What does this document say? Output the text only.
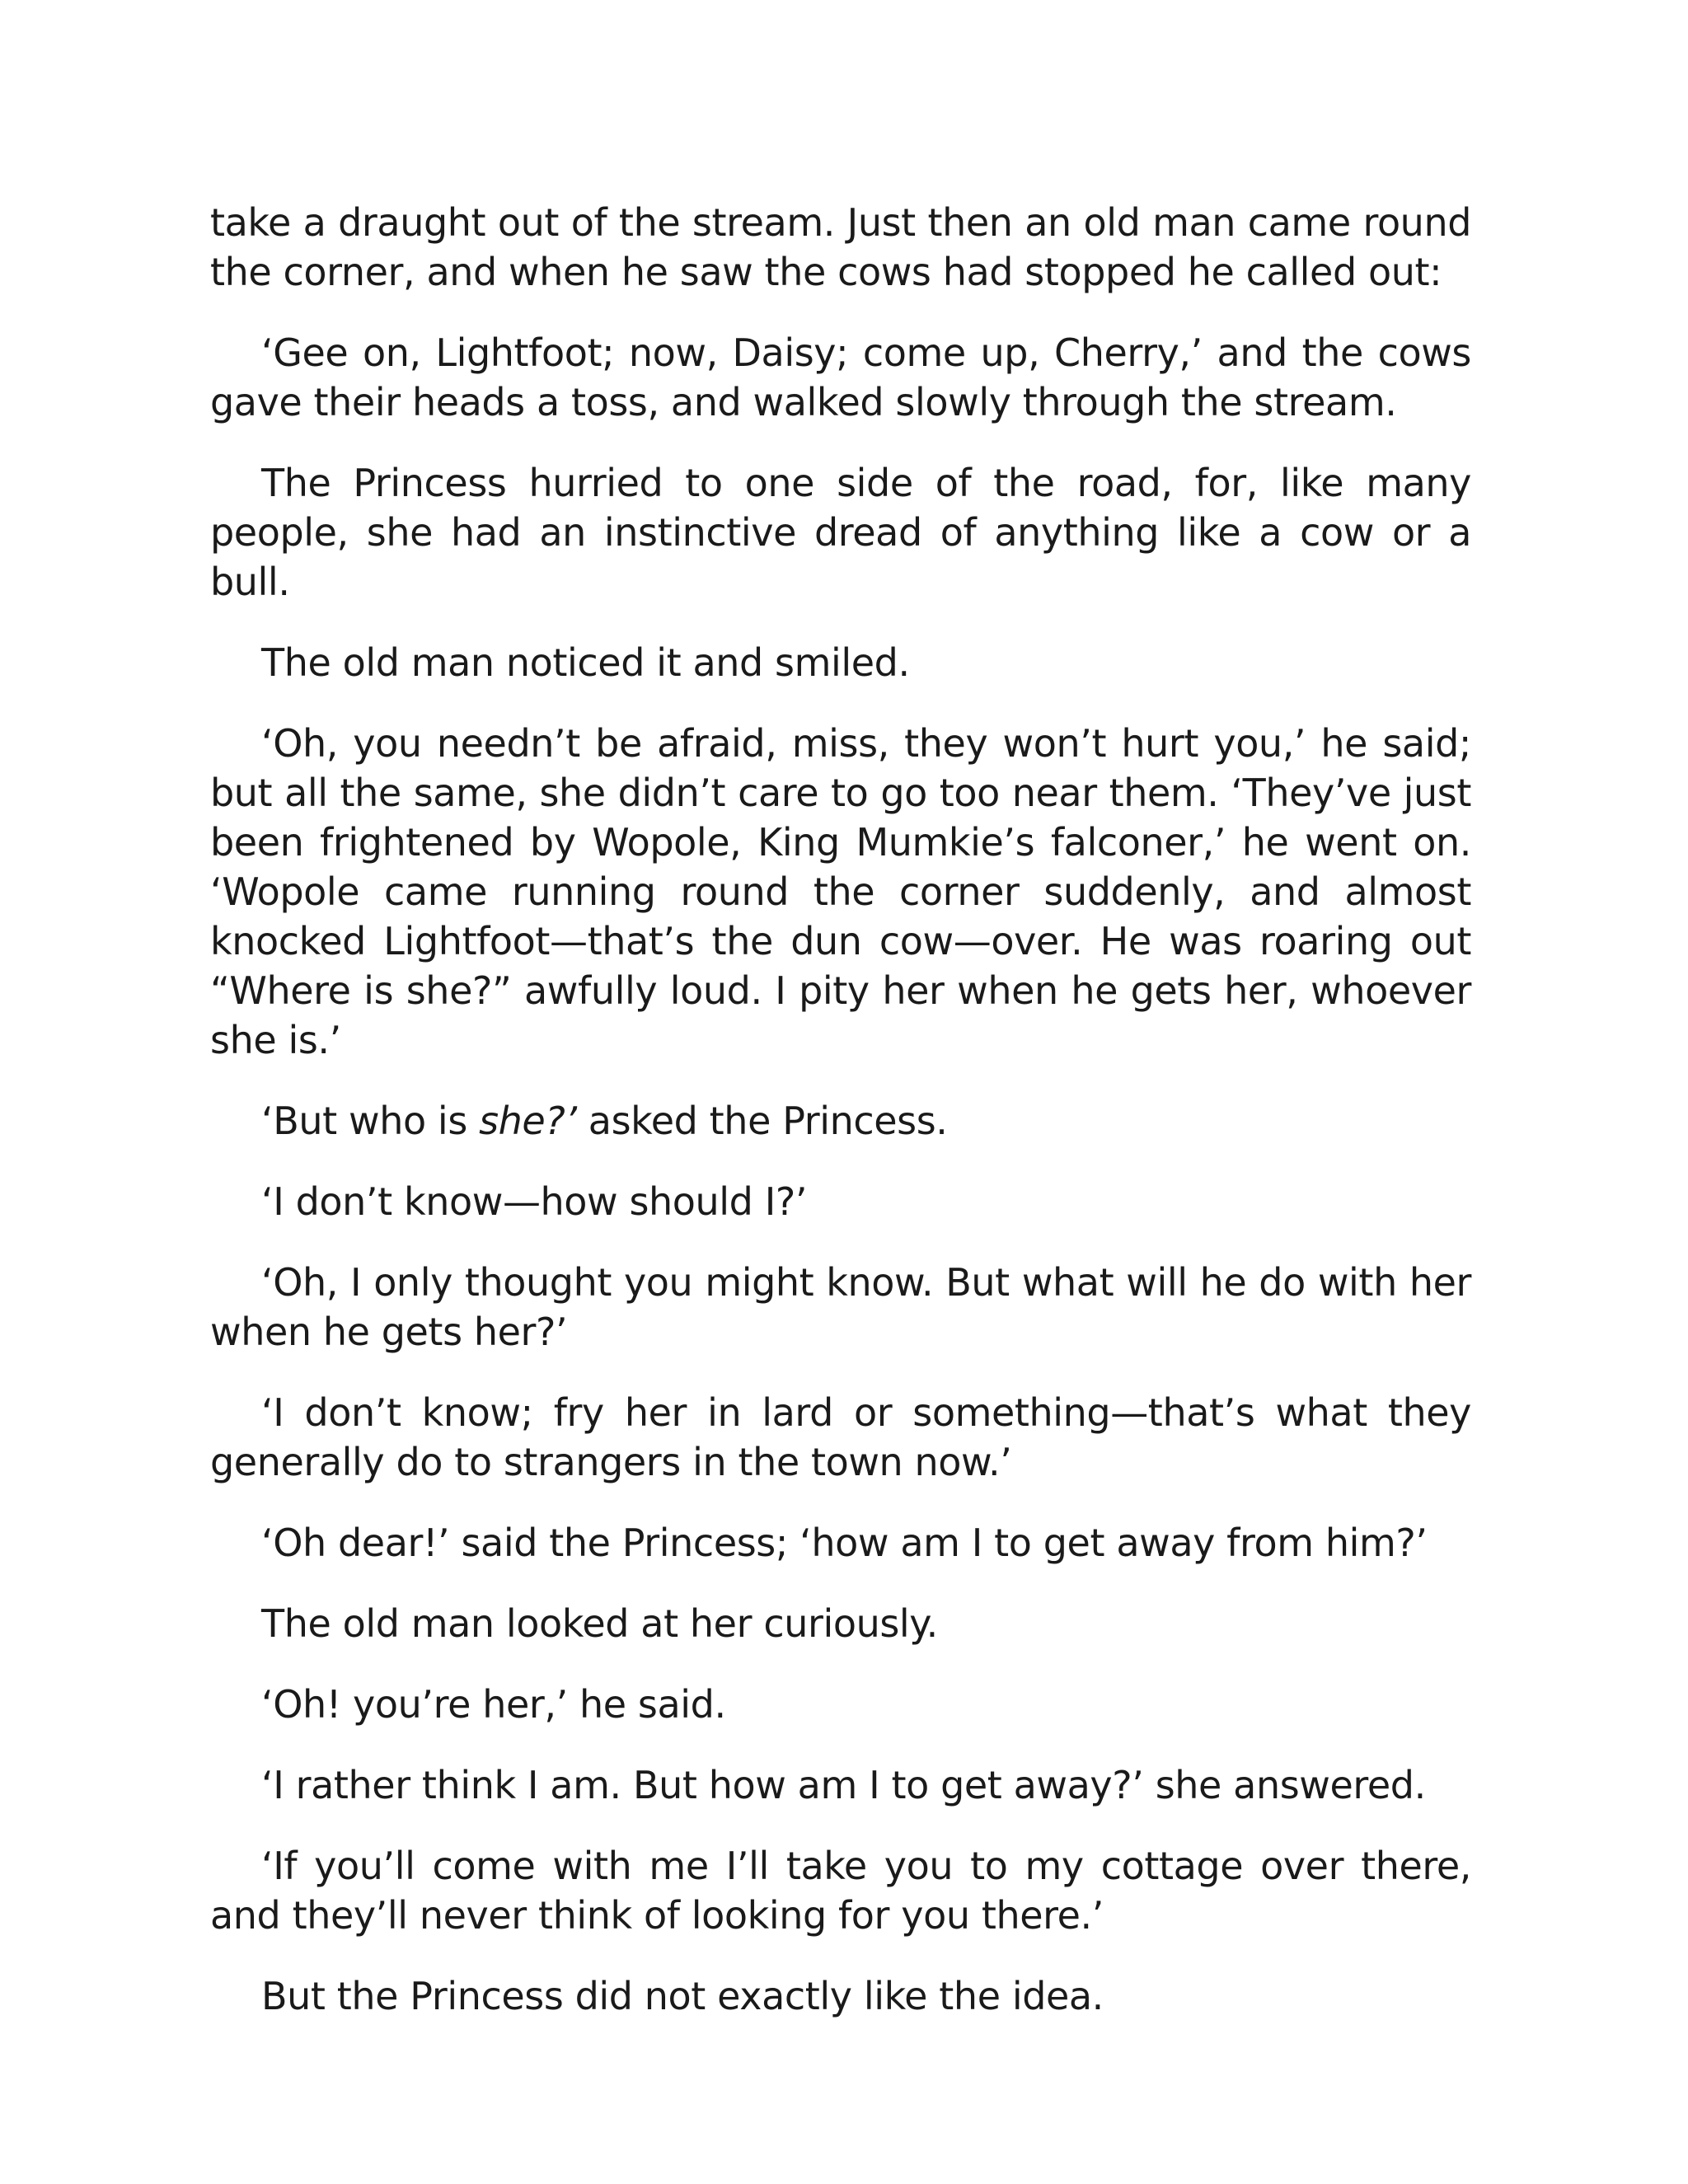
take a draught out of the stream. Just then an old man came round the corner, and when he saw the cows had stopped he called out:

‘Gee on, Lightfoot; now, Daisy; come up, Cherry,’ and the cows gave their heads a toss, and walked slowly through the stream.

The Princess hurried to one side of the road, for, like many people, she had an instinctive dread of anything like a cow or a bull.

The old man noticed it and smiled.

‘Oh, you needn’t be afraid, miss, they won’t hurt you,’ he said; but all the same, she didn’t care to go too near them. ‘They’ve just been frightened by Wopole, King Mumkie’s falconer,’ he went on. ‘Wopole came running round the corner suddenly, and almost knocked Lightfoot—that’s the dun cow—over. He was roaring out “Where is she?” awfully loud. I pity her when he gets her, whoever she is.’

‘But who is she?’ asked the Princess.

‘I don’t know—how should I?’

‘Oh, I only thought you might know. But what will he do with her when he gets her?’

‘I don’t know; fry her in lard or something—that’s what they generally do to strangers in the town now.’

‘Oh dear!’ said the Princess; ‘how am I to get away from him?’

The old man looked at her curiously.

‘Oh! you’re her,’ he said.

‘I rather think I am. But how am I to get away?’ she answered.

‘If you’ll come with me I’ll take you to my cottage over there, and they’ll never think of looking for you there.’

But the Princess did not exactly like the idea.
